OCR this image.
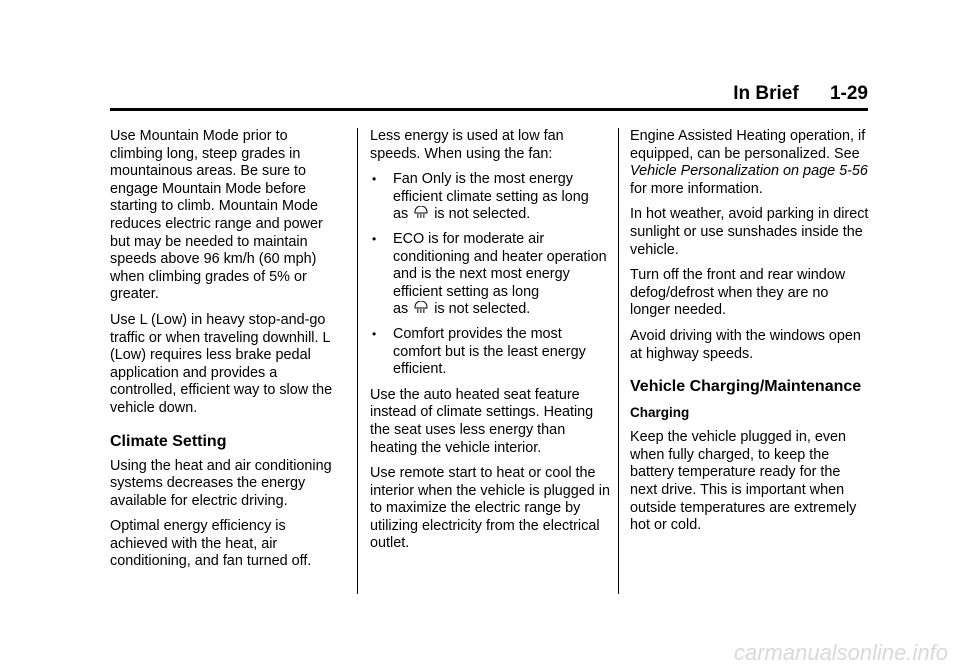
In Brief 1-29

Use Mountain Mode prior to climbing long, steep grades in mountainous areas. Be sure to engage Mountain Mode before starting to climb. Mountain Mode reduces electric range and power but may be needed to maintain speeds above 96 km/h (60 mph) when climbing grades of 5% or greater.

Use L (Low) in heavy stop-and-go traffic or when traveling downhill. L (Low) requires less brake pedal application and provides a controlled, efficient way to slow the vehicle down.

Climate Setting

Using the heat and air conditioning systems decreases the energy available for electric driving.

Optimal energy efficiency is achieved with the heat, air conditioning, and fan turned off.

Less energy is used at low fan speeds. When using the fan:

• Fan Only is the most energy efficient climate setting as long
as is not selected.
• ECO is for moderate air conditioning and heater operation and is the next most energy efficient setting as long
as is not selected.
• Comfort provides the most comfort but is the least energy efficient.

Use the auto heated seat feature instead of climate settings. Heating the seat uses less energy than heating the vehicle interior.

Use remote start to heat or cool the interior when the vehicle is plugged in to maximize the electric range by utilizing electricity from the electrical outlet.

Engine Assisted Heating operation, if equipped, can be personalized. See Vehicle Personalization on page 5-56 for more information.

In hot weather, avoid parking in direct sunlight or use sunshades inside the vehicle.

Turn off the front and rear window defog/defrost when they are no longer needed.

Avoid driving with the windows open at highway speeds.

Vehicle Charging/Maintenance
Charging

Keep the vehicle plugged in, even when fully charged, to keep the battery temperature ready for the next drive. This is important when outside temperatures are extremely hot or cold.

carmanualsonline.info
